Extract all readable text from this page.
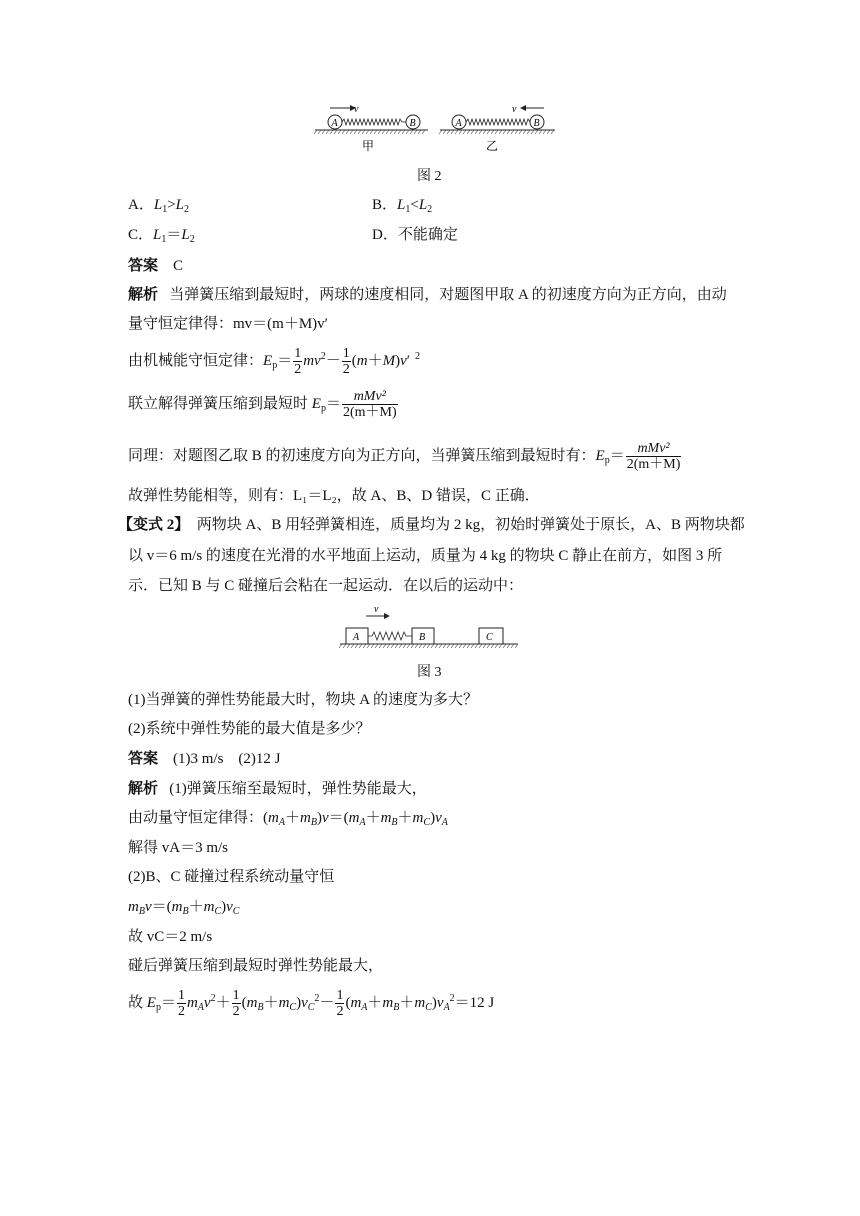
v
A	B
甲
v
A	B
乙
图 2
A．$L_1>L_2$	B．$L_1<L_2$
C．$L_1=L_2$	D．不能确定
答案 C
解析 当弹簧压缩到最短时，两球的速度相同，对题图甲取 A 的初速度方向为正方向，由动
量守恒定律得：mv＝(m＋M)v′
由机械能守恒定律：$E_p= \frac{1}{2} mv^2- \frac{1}{2} (m+M)v'$  $^2$
联立解得弹簧压缩到最短时 $E_p= \frac{\text{mMv²}}{2(m+M)}$
同理：对题图乙取 B 的初速度方向为正方向，当弹簧压缩到最短时有：$E_p= \frac{\text{mMv²}}{2(m+M)}$
故弹性势能相等，则有：L₁＝L₂，故 A、B、D 错误，C 正确．
【变式 2】 两物块 A、B 用轻弹簧相连，质量均为 2 kg，初始时弹簧处于原长，A、B 两物块都
以 v＝6 m/s 的速度在光滑的水平地面上运动，质量为 4 kg 的物块 C 静止在前方，如图 3 所
示．已知 B 与 C 碰撞后会粘在一起运动．在以后的运动中：
v
A	B	C
图 3
(1)当弹簧的弹性势能最大时，物块 A 的速度为多大？
(2)系统中弹性势能的最大值是多少？
答案 (1)3 m/s　(2)12 J
解析 (1)弹簧压缩至最短时，弹性势能最大，
由动量守恒定律得：$(m_A+m_B)v=(m_A+m_B+m_C)v_A$
解得 vA＝3 m/s
(2)B、C 碰撞过程系统动量守恒
$m_Bv=(m_B+m_C)v_C$
故 vC＝2 m/s
碰后弹簧压缩到最短时弹性势能最大，
故 $E_p= \frac{1}{2} m_Av^2+ \frac{1}{2} (m_B+m_C)v_C^2- \frac{1}{2} (m_A+m_B+m_C)v_A^2=12$ J
